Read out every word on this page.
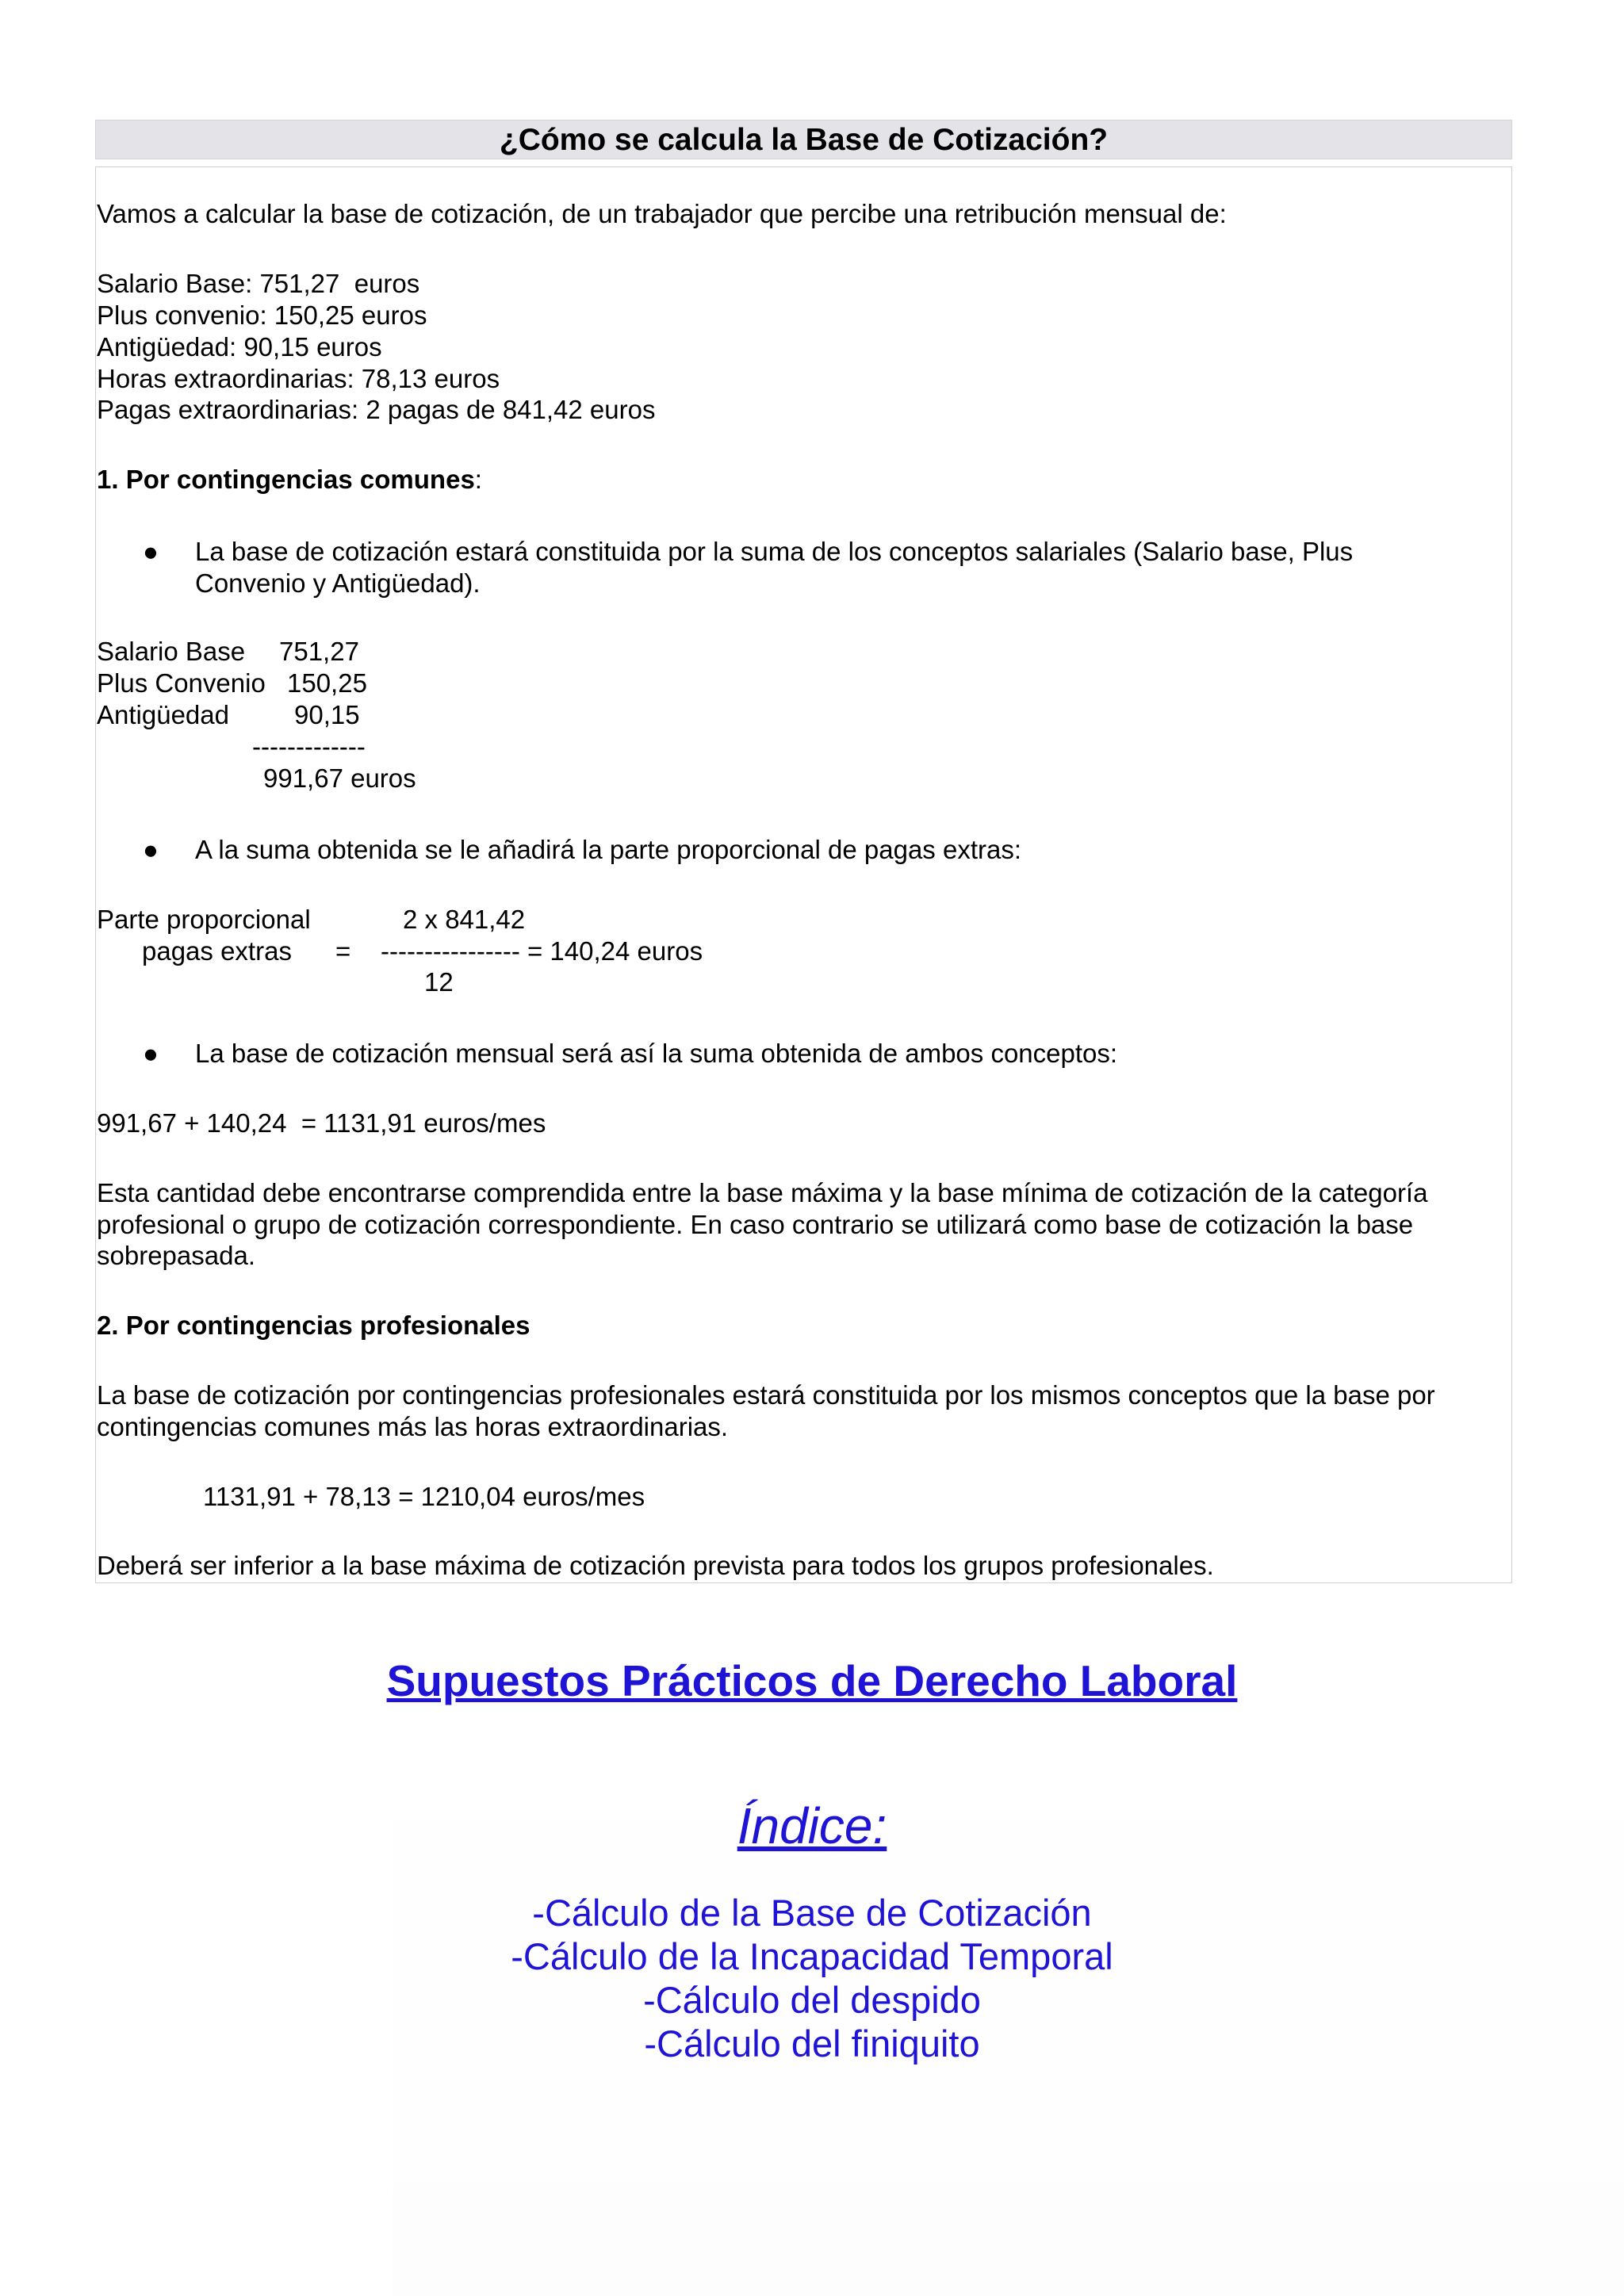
¿Cómo se calcula la Base de Cotización?

Vamos a calcular la base de cotización, de un trabajador que percibe una retribución mensual de:

Salario Base: 751,27  euros

Plus convenio: 150,25 euros

Antigüedad: 90,15 euros

Horas extraordinarias: 78,13 euros

Pagas extraordinarias: 2 pagas de 841,42 euros

1. Por contingencias comunes:

●	La base de cotización estará constituida por la suma de los conceptos salariales (Salario base, Plus
Convenio y Antigüedad).
Salario Base 751,27
Plus Convenio 150,25
Antigüedad 90,15
-------------
991,67 euros
●	A la suma obtenida se le añadirá la parte proporcional de pagas extras:
Parte proporcional	2 x 841,42
pagas extras = ---------------- = 140,24 euros
12
●	La base de cotización mensual será así la suma obtenida de ambos conceptos:

991,67 + 140,24  = 1131,91 euros/mes

Esta cantidad debe encontrarse comprendida entre la base máxima y la base mínima de cotización de la categoría

profesional o grupo de cotización correspondiente. En caso contrario se utilizará como base de cotización la base

sobrepasada.

2. Por contingencias profesionales

La base de cotización por contingencias profesionales estará constituida por los mismos conceptos que la base por

contingencias comunes más las horas extraordinarias.

1131,91 + 78,13 = 1210,04 euros/mes

Deberá ser inferior a la base máxima de cotización prevista para todos los grupos profesionales.

Supuestos Prácticos de Derecho Laboral
Índice:
-Cálculo de la Base de Cotización
-Cálculo de la Incapacidad Temporal
-Cálculo del despido
-Cálculo del finiquito
